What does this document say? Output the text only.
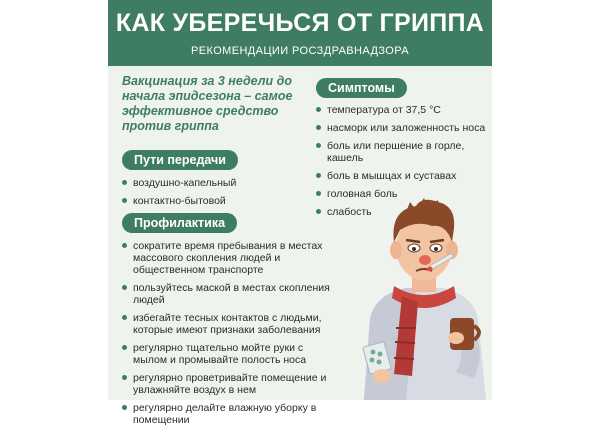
КАК УБЕРЕЧЬСЯ ОТ ГРИППА
РЕКОМЕНДАЦИИ РОСЗДРАВНАДЗОРА
Вакцинация за 3 недели до начала эпидсезона – самое эффективное средство против гриппа
Пути передачи
воздушно-капельный
контактно-бытовой
Профилактика
сократите время пребывания в местах массового скопления людей и общественном транспорте
пользуйтесь маской в местах скопления людей
избегайте тесных контактов с людьми, которые имеют признаки заболевания
регулярно тщательно мойте руки с мылом и промывайте полость носа
регулярно проветривайте помещение и увлажняйте воздух в нем
регулярно делайте влажную уборку в помещении
Симптомы
температура от 37,5 °С
насморк или заложенность носа
боль или першение в горле, кашель
боль в мышцах и суставах
головная боль
слабость
